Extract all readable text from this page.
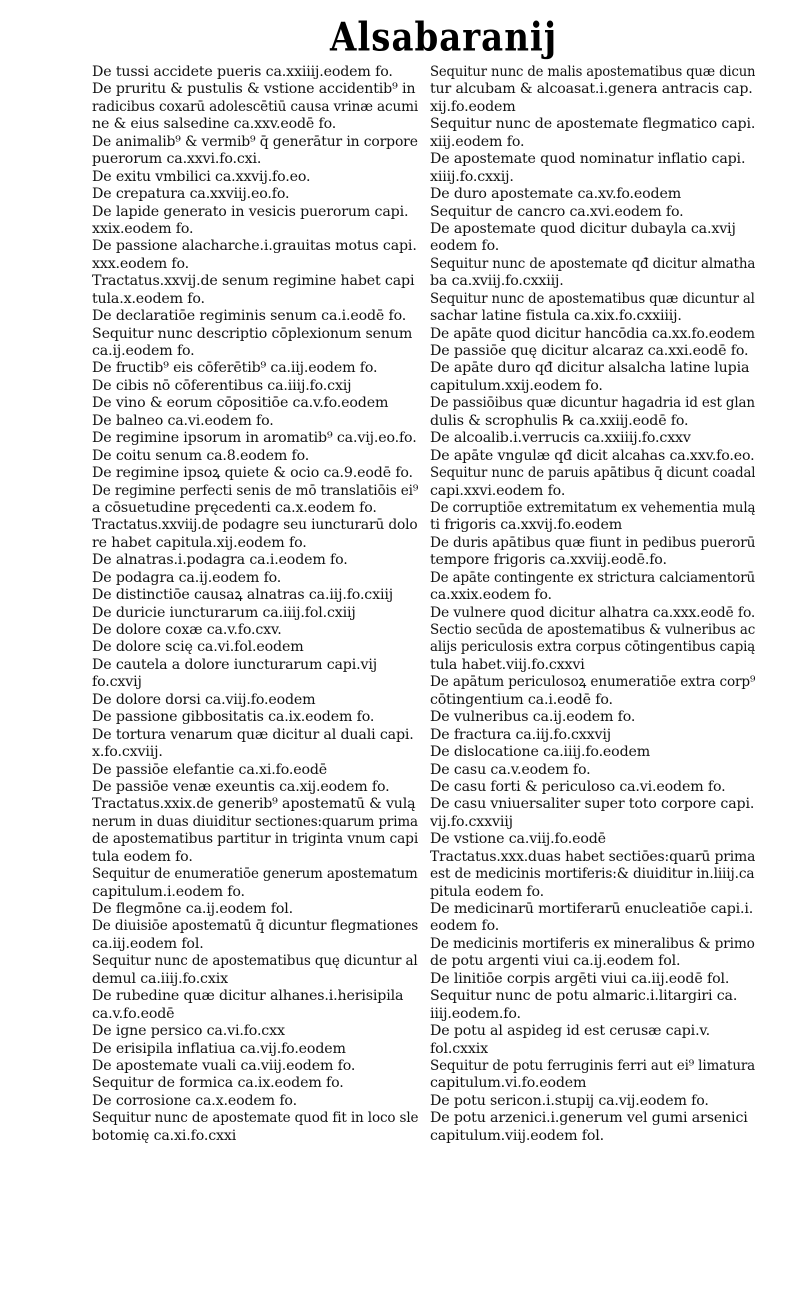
Alsabaranij
De tussi accidete pueris ca.xxiiij.eodem fo.
De pruritu & pustulis & vstione accidentib⁹ in
radicibus coxarū adolescētiū causa vrinæ acumi
ne & eius salsedine ca.xxv.eodē fo.
De animalib⁹ & vermib⁹ q̄ generātur in corpore
puerorum ca.xxvi.fo.cxi.
De exitu vmbilici ca.xxvij.fo.eo.
De crepatura ca.xxviij.eo.fo.
De lapide generato in vesicis puerorum capi.
xxix.eodem fo.
De passione alacharche.i.grauitas motus capi.
xxx.eodem fo.
Tractatus.xxvij.de senum regimine habet capi
tula.x.eodem fo.
De declaratiōe regiminis senum ca.i.eodē fo.
Sequitur nunc descriptio cōplexionum senum
ca.ij.eodem fo.
De fructib⁹ eis cōferētib⁹ ca.iij.eodem fo.
De cibis nō cōferentibus ca.iiij.fo.cxij
De vino & eorum cōpositiōe ca.v.fo.eodem
De balneo ca.vi.eodem fo.
De regimine ipsorum in aromatib⁹ ca.vij.eo.fo.
De coitu senum ca.8.eodem fo.
De regimine ipsoꝝ quiete & ocio ca.9.eodē fo.
De regimine perfecti senis de mō translatiōis ei⁹
a cōsuetudine pręcedenti ca.x.eodem fo.
Tractatus.xxviij.de podagre seu iuncturarū dolo
re habet capitula.xij.eodem fo.
De alnatras.i.podagra ca.i.eodem fo.
De podagra ca.ij.eodem fo.
De distinctiōe causaꝝ alnatras ca.iij.fo.cxiij
De duricie iuncturarum ca.iiij.fol.cxiij
De dolore coxæ ca.v.fo.cxv.
De dolore scię ca.vi.fol.eodem
De cautela a dolore iuncturarum capi.vij
fo.cxvij
De dolore dorsi ca.viij.fo.eodem
De passione gibbositatis ca.ix.eodem fo.
De tortura venarum quæ dicitur al duali capi.
x.fo.cxviij.
De passiōe elefantie ca.xi.fo.eodē
De passiōe venæ exeuntis ca.xij.eodem fo.
Tractatus.xxix.de generib⁹ apostematū & vulą
nerum in duas diuiditur sectiones:quarum prima
de apostematibus partitur in triginta vnum capi
tula eodem fo.
Sequitur de enumeratiōe generum apostematum
capitulum.i.eodem fo.
De flegmōne ca.ij.eodem fol.
De diuisiōe apostematū q̄ dicuntur flegmationes
ca.iij.eodem fol.
Sequitur nunc de apostematibus quę dicuntur al
demul ca.iiij.fo.cxix
De rubedine quæ dicitur alhanes.i.herisipila
ca.v.fo.eodē
De igne persico ca.vi.fo.cxx
De erisipila inflatiua ca.vij.fo.eodem
De apostemate vuali ca.viij.eodem fo.
Sequitur de formica ca.ix.eodem fo.
De corrosione ca.x.eodem fo.
Sequitur nunc de apostemate quod fit in loco sle
botomię ca.xi.fo.cxxi
Sequitur nunc de malis apostematibus quæ dicun
tur alcubam & alcoasat.i.genera antracis cap.
xij.fo.eodem
Sequitur nunc de apostemate flegmatico capi.
xiij.eodem fo.
De apostemate quod nominatur inflatio capi.
xiiij.fo.cxxij.
De duro apostemate ca.xv.fo.eodem
Sequitur de cancro ca.xvi.eodem fo.
De apostemate quod dicitur dubayla ca.xvij
eodem fo.
Sequitur nunc de apostemate qđ dicitur almatha
ba ca.xviij.fo.cxxiij.
Sequitur nunc de apostematibus quæ dicuntur al
sachar latine fistula ca.xix.fo.cxxiiij.
De apāte quod dicitur hancōdia ca.xx.fo.eodem
De passiōe quę dicitur alcaraz ca.xxi.eodē fo.
De apāte duro qđ dicitur alsalcha latine lupia
capitulum.xxij.eodem fo.
De passiōibus quæ dicuntur hagadria id est glan
dulis & scrophulis ℞ ca.xxiij.eodē fo.
De alcoalib.i.verrucis ca.xxiiij.fo.cxxv
De apāte vngulæ qđ dicit alcahas ca.xxv.fo.eo.
Sequitur nunc de paruis apātibus q̄ dicunt coadal
capi.xxvi.eodem fo.
De corruptiōe extremitatum ex vehementia mulą
ti frigoris ca.xxvij.fo.eodem
De duris apātibus quæ fiunt in pedibus puerorū
tempore frigoris ca.xxviij.eodē.fo.
De apāte contingente ex strictura calciamentorū
ca.xxix.eodem fo.
De vulnere quod dicitur alhatra ca.xxx.eodē fo.
Sectio secūda de apostematibus & vulneribus ac
alijs periculosis extra corpus cōtingentibus capią
tula habet.viij.fo.cxxvi
De apātum periculosoꝝ enumeratiōe extra corp⁹
cōtingentium ca.i.eodē fo.
De vulneribus ca.ij.eodem fo.
De fractura ca.iij.fo.cxxvij
De dislocatione ca.iiij.fo.eodem
De casu ca.v.eodem fo.
De casu forti & periculoso ca.vi.eodem fo.
De casu vniuersaliter super toto corpore capi.
vij.fo.cxxviij
De vstione ca.viij.fo.eodē
Tractatus.xxx.duas habet sectiōes:quarū prima
est de medicinis mortiferis:& diuiditur in.liiij.ca
pitula eodem fo.
De medicinarū mortiferarū enucleatiōe capi.i.
eodem fo.
De medicinis mortiferis ex mineralibus & primo
de potu argenti viui ca.ij.eodem fol.
De linitiōe corpis argēti viui ca.iij.eodē fol.
Sequitur nunc de potu almaric.i.litargiri ca.
iiij.eodem.fo.
De potu al aspideg id est cerusæ capi.v.
fol.cxxix
Sequitur de potu ferruginis ferri aut ei⁹ limatura
capitulum.vi.fo.eodem
De potu sericon.i.stupij ca.vij.eodem fo.
De potu arzenici.i.generum vel gumi arsenici
capitulum.viij.eodem fol.
